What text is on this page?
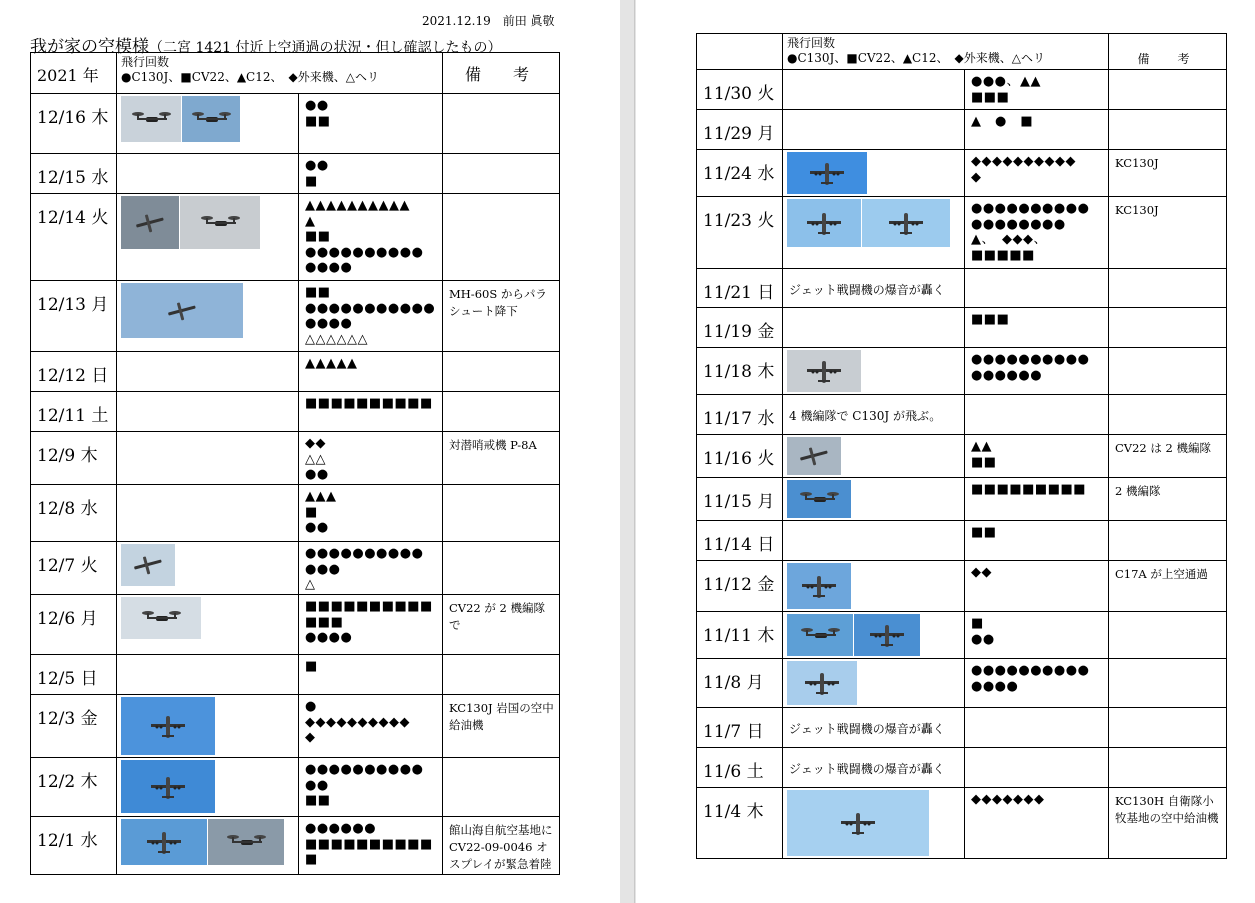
2021.12.19　前田 眞敬
我が家の空模様（二宮 1421 付近上空通過の状況・但し確認したもの）
2021 年	飛行回数
●C130J、■CV22、▲C12、　◆外来機、△ヘリ		備　考
12/16 木		●●
■■	

12/15 水		●●
■	

12/14 火		▲▲▲▲▲▲▲▲▲▲
▲
■■
●●●●●●●●●●
●●●●	

12/13 月		■■
●●●●●●●●●●●
●●●●
△△△△△△	MH-60S からパラシュート降下
12/12 日		▲▲▲▲▲	

12/11 土		■■■■■■■■■■	

12/9 木		◆◆
△△
●●	対潜哨戒機 P-8A
12/8 水		▲▲▲
■
●●	

12/7 火		●●●●●●●●●●
●●●
△	

12/6 月		■■■■■■■■■■
■■■
●●●●	CV22 が 2 機編隊で
12/5 日		■	

12/3 金		●
◆◆◆◆◆◆◆◆◆◆
◆	KC130J 岩国の空中給油機
12/2 木		●●●●●●●●●●
●●
■■	

12/1 水		●●●●●●
■■■■■■■■■■
■	館山海自航空基地に CV22-09-0046 オスプレイが緊急着陸

	飛行回数
●C130J、■CV22、▲C12、　◆外来機、△ヘリ		備　考
11/30 火		●●●、▲▲
■■■	

11/29 月		▲　●　■	

11/24 水		◆◆◆◆◆◆◆◆◆◆
◆	KC130J
11/23 火		●●●●●●●●●●
●●●●●●●●
▲、　◆◆◆、
■■■■■	KC130J
11/21 日	ジェット戦闘機の爆音が轟く		
11/19 金		■■■	

11/18 木		●●●●●●●●●●
●●●●●●	

11/17 水	4 機編隊で C130J が飛ぶ。		
11/16 火		▲▲
■■	CV22 は 2 機編隊
11/15 月		■■■■■■■■■	2 機編隊
11/14 日		■■	

11/12 金		◆◆	C17A が上空通過
11/11 木		■
●●	

11/8 月		●●●●●●●●●●
●●●●	

11/7 日	ジェット戦闘機の爆音が轟く		
11/6 土	ジェット戦闘機の爆音が轟く		
11/4 木		◆◆◆◆◆◆◆	KC130H 自衛隊小牧基地の空中給油機
